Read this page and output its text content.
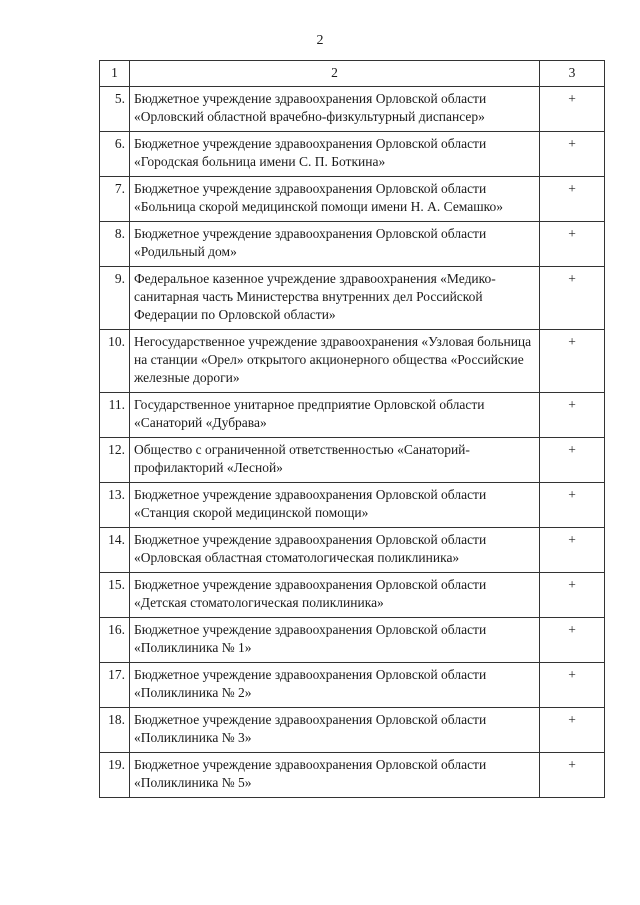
2
1	2	3
5.	Бюджетное учреждение здравоохранения Орловской области «Орловский областной врачебно-физкультурный диспансер»	+
6.	Бюджетное учреждение здравоохранения Орловской области «Городская больница имени С. П. Боткина»	+
7.	Бюджетное учреждение здравоохранения Орловской области «Больница скорой медицинской помощи имени Н. А. Семашко»	+
8.	Бюджетное учреждение здравоохранения Орловской области «Родильный дом»	+
9.	Федеральное казенное учреждение здравоохранения «Медико-санитарная часть Министерства внутренних дел Российской Федерации по Орловской области»	+
10.	Негосударственное учреждение здравоохранения «Узловая больница на станции «Орел» открытого акционерного общества «Российские железные дороги»	+
11.	Государственное унитарное предприятие Орловской области «Санаторий «Дубрава»	+
12.	Общество с ограниченной ответственностью «Санаторий-профилакторий «Лесной»	+
13.	Бюджетное учреждение здравоохранения Орловской области «Станция скорой медицинской помощи»	+
14.	Бюджетное учреждение здравоохранения Орловской области «Орловская областная стоматологическая поликлиника»	+
15.	Бюджетное учреждение здравоохранения Орловской области «Детская стоматологическая поликлиника»	+
16.	Бюджетное учреждение здравоохранения Орловской области «Поликлиника № 1»	+
17.	Бюджетное учреждение здравоохранения Орловской области «Поликлиника № 2»	+
18.	Бюджетное учреждение здравоохранения Орловской области «Поликлиника № 3»	+
19.	Бюджетное учреждение здравоохранения Орловской области «Поликлиника № 5»	+
